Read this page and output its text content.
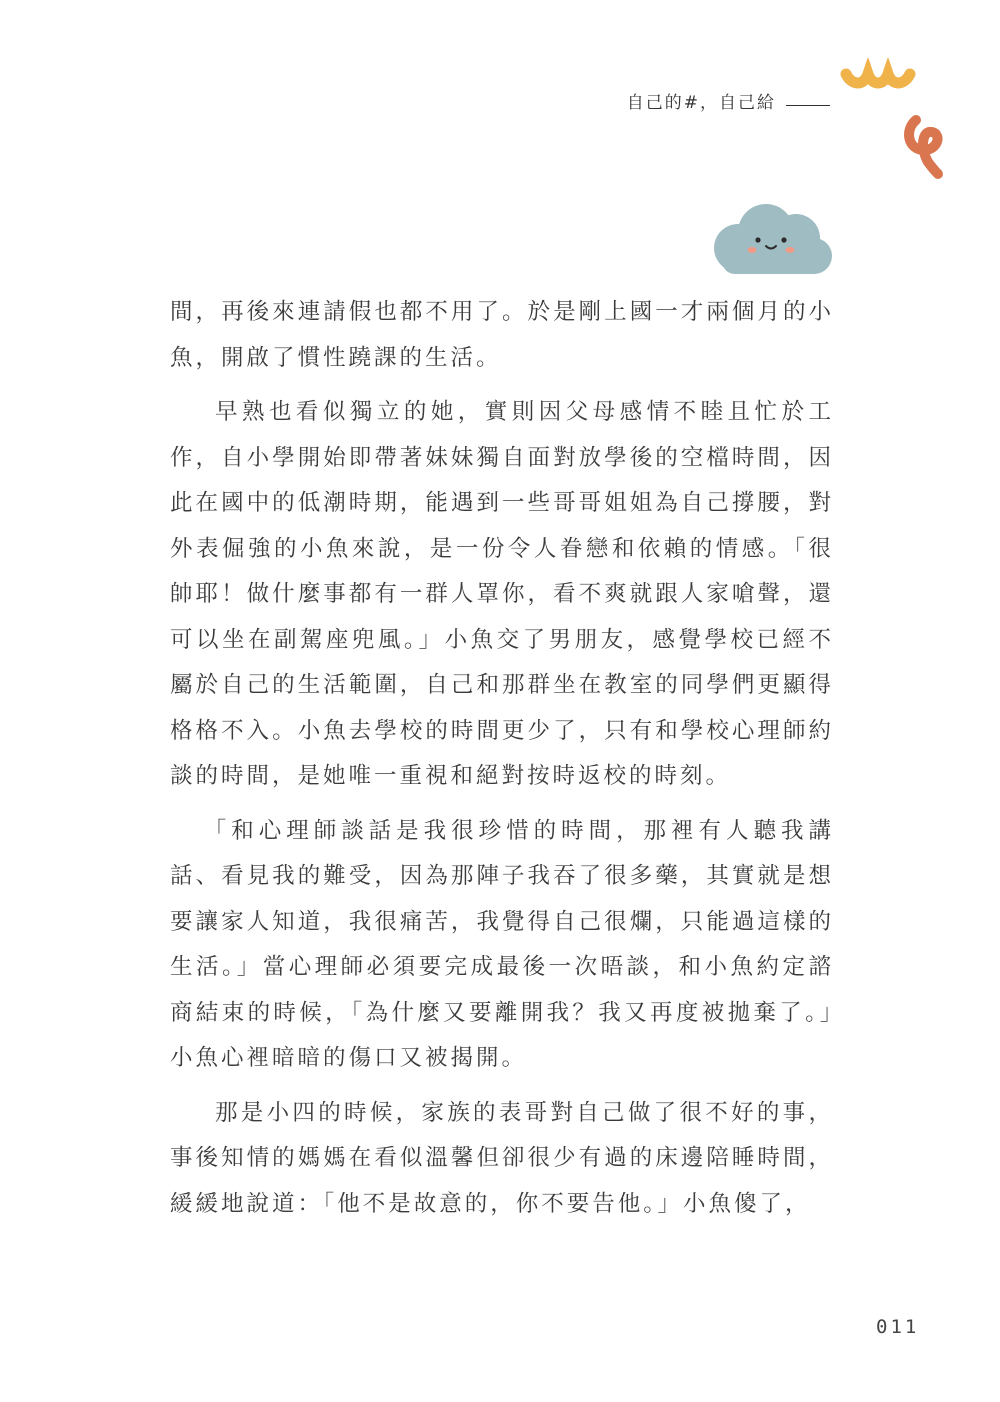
自己的#，自己給

間，再後來連請假也都不用了。於是剛上國一才兩個月的小魚，開啟了慣性蹺課的生活。

早熟也看似獨立的她，實則因父母感情不睦且忙於工作，自小學開始即帶著妹妹獨自面對放學後的空檔時間，因此在國中的低潮時期，能遇到一些哥哥姐姐為自己撐腰，對外表倔強的小魚來說，是一份令人眷戀和依賴的情感。「很帥耶！做什麼事都有一群人罩你，看不爽就跟人家嗆聲，還可以坐在副駕座兜風。」小魚交了男朋友，感覺學校已經不屬於自己的生活範圍，自己和那群坐在教室的同學們更顯得格格不入。小魚去學校的時間更少了，只有和學校心理師約談的時間，是她唯一重視和絕對按時返校的時刻。

「和心理師談話是我很珍惜的時間，那裡有人聽我講話、看見我的難受，因為那陣子我吞了很多藥，其實就是想要讓家人知道，我很痛苦，我覺得自己很爛，只能過這樣的生活。」當心理師必須要完成最後一次晤談，和小魚約定諮商結束的時候，「為什麼又要離開我？我又再度被拋棄了。」小魚心裡暗暗的傷口又被揭開。

那是小四的時候，家族的表哥對自己做了很不好的事，事後知情的媽媽在看似溫馨但卻很少有過的床邊陪睡時間，緩緩地說道：「他不是故意的，你不要告他。」小魚傻了，

011
